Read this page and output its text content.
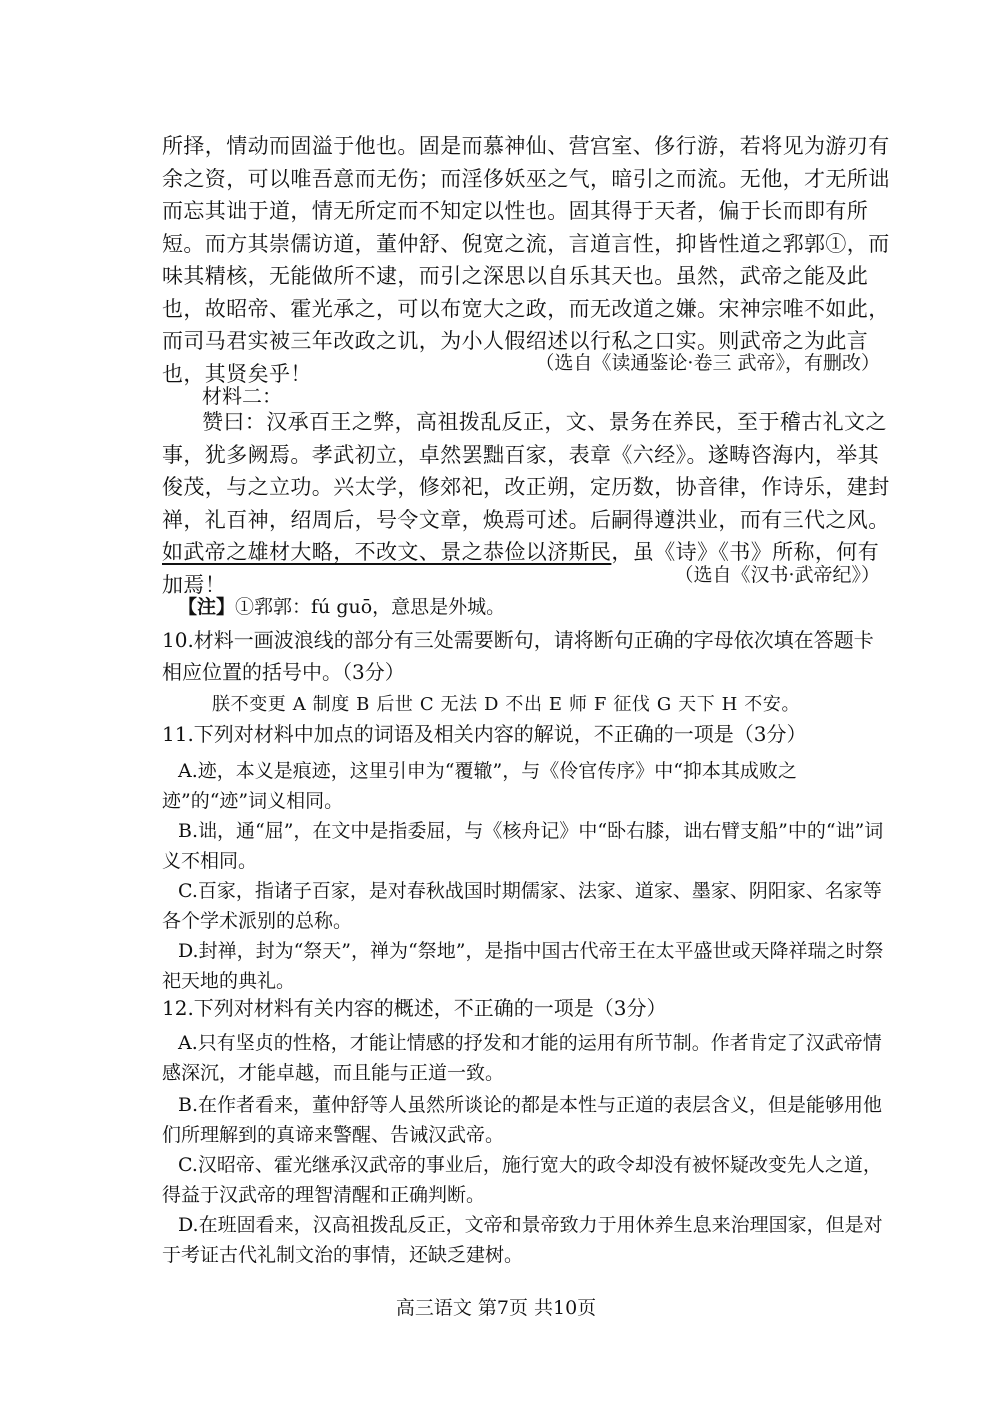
所择，情动而固溢于他也。固是而慕神仙、营宫室、侈行游，若将见为游刃有余之资，可以唯吾意而无伤；而淫侈妖巫之气，暗引之而流。无他，才无所诎而忘其诎于道，情无所定而不知定以性也。固其得于天者，偏于长而即有所短。而方其崇儒访道，董仲舒、倪宽之流，言道言性，抑皆性道之郛郭①，而味其精核，无能做所不逮，而引之深思以自乐其天也。虽然，武帝之能及此也，故昭帝、霍光承之，可以布宽大之政，而无改道之嫌。宋神宗唯不如此，而司马君实被三年改政之讥，为小人假绍述以行私之口实。则武帝之为此言也，其贤矣乎！	（选自《读通鉴论·卷三 武帝》，有删改）
材料二：
赞曰：汉承百王之弊，高祖拨乱反正，文、景务在养民，至于稽古礼文之事，犹多阙焉。孝武初立，卓然罢黜百家，表章《六经》。遂畴咨海内，举其俊茂，与之立功。兴太学，修郊祀，改正朔，定历数，协音律，作诗乐，建封禅，礼百神，绍周后，号令文章，焕焉可述。后嗣得遵洪业，而有三代之风。如武帝之雄材大略，不改文、景之恭俭以济斯民，虽《诗》《书》所称，何有加焉！	（选自《汉书·武帝纪》）
【注】①郛郭：fú guō，意思是外城。
10.材料一画波浪线的部分有三处需要断句，请将断句正确的字母依次填在答题卡相应位置的括号中。（3分）
朕不变更 A 制度 B 后世 C 无法 D 不出 E 师 F 征伐 G 天下 H 不安。
11.下列对材料中加点的词语及相关内容的解说，不正确的一项是（3分）
A.迹，本义是痕迹，这里引申为“覆辙”，与《伶官传序》中“抑本其成败之迹”的“迹”词义相同。
B.诎，通“屈”，在文中是指委屈，与《核舟记》中“卧右膝，诎右臂支船”中的“诎”词义不相同。
C.百家，指诸子百家，是对春秋战国时期儒家、法家、道家、墨家、阴阳家、名家等各个学术派别的总称。
D.封禅，封为“祭天”，禅为“祭地”，是指中国古代帝王在太平盛世或天降祥瑞之时祭祀天地的典礼。
12.下列对材料有关内容的概述，不正确的一项是（3分）
A.只有坚贞的性格，才能让情感的抒发和才能的运用有所节制。作者肯定了汉武帝情感深沉，才能卓越，而且能与正道一致。
B.在作者看来，董仲舒等人虽然所谈论的都是本性与正道的表层含义，但是能够用他们所理解到的真谛来警醒、告诫汉武帝。
C.汉昭帝、霍光继承汉武帝的事业后，施行宽大的政令却没有被怀疑改变先人之道，得益于汉武帝的理智清醒和正确判断。
D.在班固看来，汉高祖拨乱反正，文帝和景帝致力于用休养生息来治理国家，但是对于考证古代礼制文治的事情，还缺乏建树。
高三语文 第7页 共10页
